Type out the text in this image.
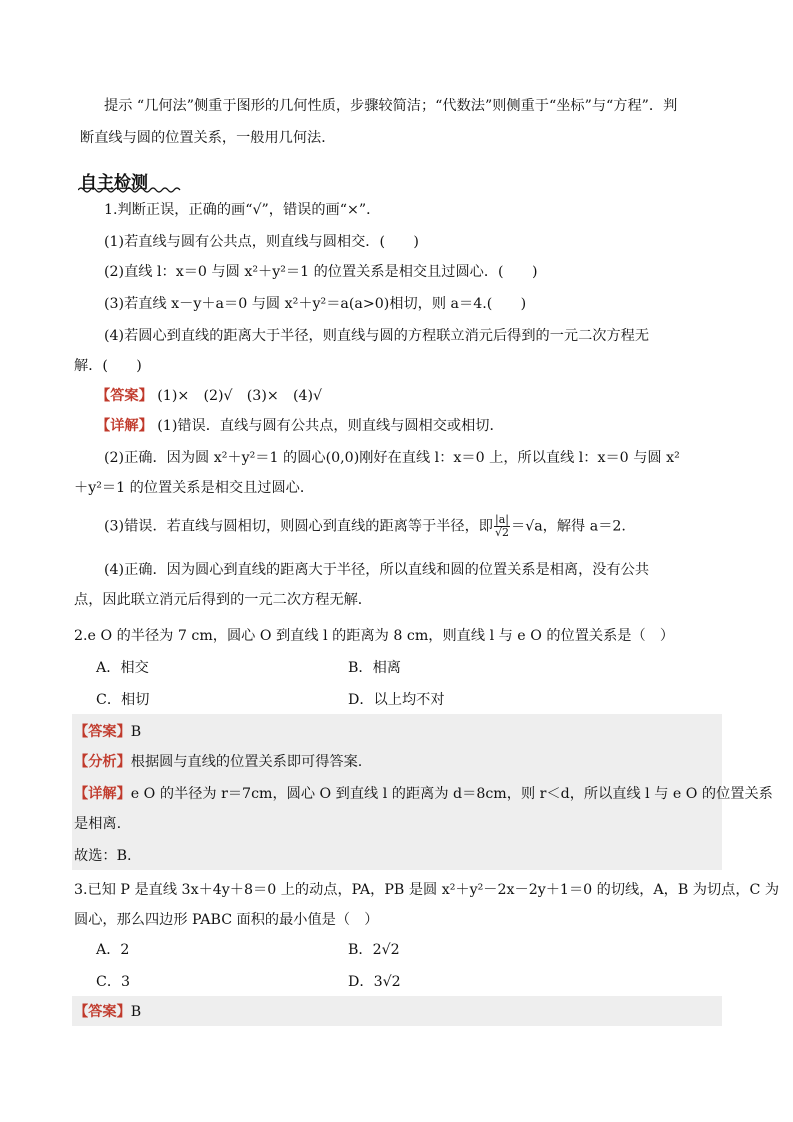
提示 “几何法”侧重于图形的几何性质，步骤较简洁；“代数法”则侧重于“坐标”与“方程”．判
断直线与圆的位置关系，一般用几何法．
自主检测
1.判断正误，正确的画“√”，错误的画“×”．
(1)若直线与圆有公共点，则直线与圆相交．(　　)
(2)直线 l：x＝0 与圆 x²＋y²＝1 的位置关系是相交且过圆心．(　　)
(3)若直线 x－y＋a＝0 与圆 x²＋y²＝a(a>0)相切，则 a＝4.(　　)
(4)若圆心到直线的距离大于半径，则直线与圆的方程联立消元后得到的一元二次方程无
解．(　　)
【答案】 (1)×　(2)√　(3)×　(4)√
【详解】 (1)错误．直线与圆有公共点，则直线与圆相交或相切．
(2)正确．因为圆 x²＋y²＝1 的圆心(0,0)刚好在直线 l：x＝0 上，所以直线 l：x＝0 与圆 x²
＋y²＝1 的位置关系是相交且过圆心．
(3)错误．若直线与圆相切，则圆心到直线的距离等于半径，即 $\frac{|a|}{√2} =√a$，解得 a＝2.
(4)正确．因为圆心到直线的距离大于半径，所以直线和圆的位置关系是相离，没有公共
点，因此联立消元后得到的一元二次方程无解．
2.e O 的半径为 7 cm，圆心 O 到直线 l 的距离为 8 cm，则直线 l 与 e O 的位置关系是（　）
A．相交	B．相离
C．相切	D．以上均不对
【答案】B
【分析】根据圆与直线的位置关系即可得答案.
【详解】e O 的半径为 r＝7cm，圆心 O 到直线 l 的距离为 d＝8cm，则 r＜d，所以直线 l 与 e O 的位置关系
是相离.
故选：B.
3.已知 P 是直线 3x＋4y＋8＝0 上的动点，PA，PB 是圆 x²＋y²－2x－2y＋1＝0 的切线，A，B 为切点，C 为
圆心，那么四边形 PABC 面积的最小值是（　）
A．2	B．2√2
C．3	D．3√2
【答案】B
